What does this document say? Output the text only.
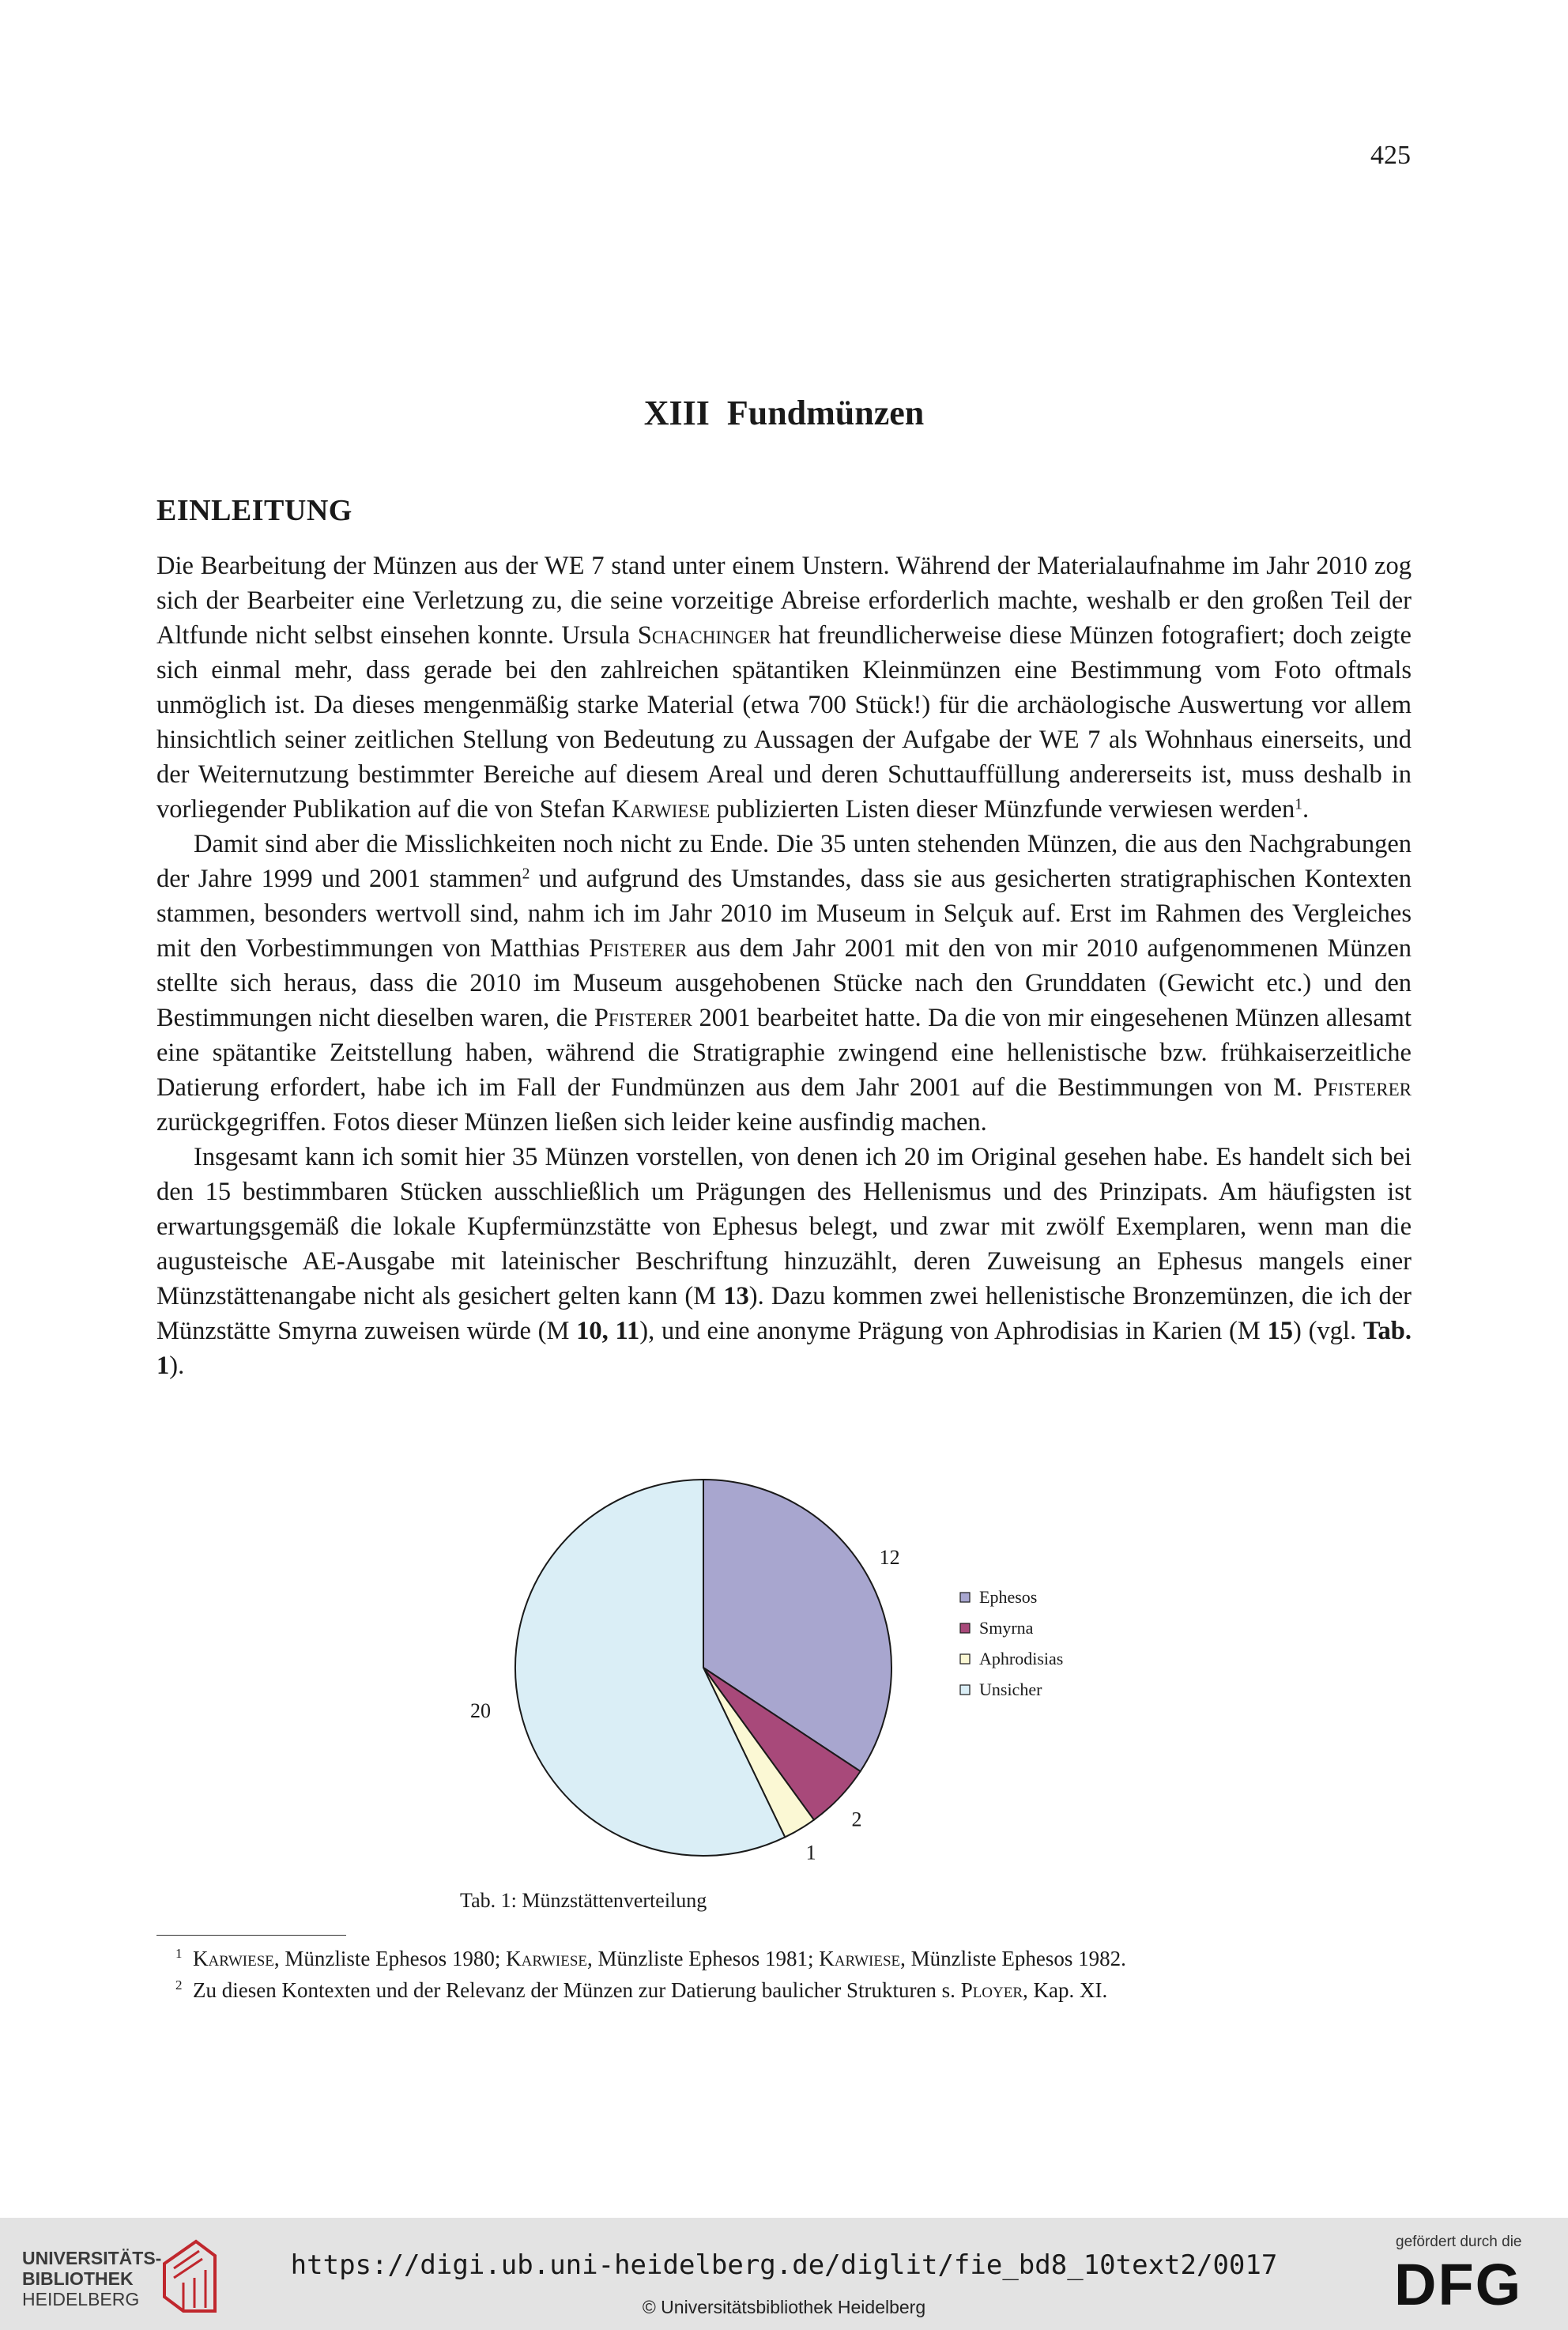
425
XIII  Fundmünzen
EINLEITUNG

Die Bearbeitung der Münzen aus der WE 7 stand unter einem Unstern. Während der Materialaufnahme im Jahr 2010 zog sich der Bearbeiter eine Verletzung zu, die seine vorzeitige Abreise erforderlich machte, weshalb er den großen Teil der Altfunde nicht selbst einsehen konnte. Ursula Schachinger hat freundlicherweise diese Münzen fotografiert; doch zeigte sich einmal mehr, dass gerade bei den zahlreichen spätantiken Kleinmünzen eine Bestimmung vom Foto oftmals unmöglich ist. Da dieses mengenmäßig starke Material (etwa 700 Stück!) für die archäologische Auswertung vor allem hinsichtlich seiner zeitlichen Stellung von Bedeutung zu Aussagen der Aufgabe der WE 7 als Wohnhaus einerseits, und der Weiternutzung bestimmter Bereiche auf diesem Areal und deren Schuttauffüllung andererseits ist, muss deshalb in vorliegender Publikation auf die von Stefan Karwiese publizierten Listen dieser Münzfunde verwiesen werden$^1$.

Damit sind aber die Misslichkeiten noch nicht zu Ende. Die 35 unten stehenden Münzen, die aus den Nachgrabungen der Jahre 1999 und 2001 stammen$^2$ und aufgrund des Umstandes, dass sie aus gesicherten stratigraphischen Kontexten stammen, besonders wertvoll sind, nahm ich im Jahr 2010 im Museum in Selçuk auf. Erst im Rahmen des Vergleiches mit den Vorbestimmungen von Matthias Pfisterer aus dem Jahr 2001 mit den von mir 2010 aufgenommenen Münzen stellte sich heraus, dass die 2010 im Museum ausgehobenen Stücke nach den Grunddaten (Gewicht etc.) und den Bestimmungen nicht dieselben waren, die Pfisterer 2001 bearbeitet hatte. Da die von mir eingesehenen Münzen allesamt eine spätantike Zeitstellung haben, während die Stratigraphie zwingend eine hellenistische bzw. frühkaiserzeitliche Datierung erfordert, habe ich im Fall der Fundmünzen aus dem Jahr 2001 auf die Bestimmungen von M. Pfisterer zurückgegriffen. Fotos dieser Münzen ließen sich leider keine ausfindig machen.

Insgesamt kann ich somit hier 35 Münzen vorstellen, von denen ich 20 im Original gesehen habe. Es handelt sich bei den 15 bestimmbaren Stücken ausschließlich um Prägungen des Hellenismus und des Prinzipats. Am häufigsten ist erwartungsgemäß die lokale Kupfermünzstätte von Ephesus belegt, und zwar mit zwölf Exemplaren, wenn man die augusteische AE-Ausgabe mit lateinischer Beschriftung hinzuzählt, deren Zuweisung an Ephesus mangels einer Münzstättenangabe nicht als gesichert gelten kann (M 13). Dazu kommen zwei hellenistische Bronzemünzen, die ich der Münzstätte Smyrna zuweisen würde (M 10, 11), und eine anonyme Prägung von Aphrodisias in Karien (M 15) (vgl. Tab. 1).

12
2
1
20
Ephesos
Smyrna
Aphrodisias
Unsicher
Tab. 1: Münzstättenverteilung
1 Karwiese, Münzliste Ephesos 1980; Karwiese, Münzliste Ephesos 1981; Karwiese, Münzliste Ephesos 1982.
2 Zu diesen Kontexten und der Relevanz der Münzen zur Datierung baulicher Strukturen s. Ployer, Kap. XI.
UNIVERSITÄTS-
BIBLIOTHEK
HEIDELBERG
https://digi.ub.uni-heidelberg.de/diglit/fie_bd8_10text2/0017
© Universitätsbibliothek Heidelberg
gefördert durch die
DFG
